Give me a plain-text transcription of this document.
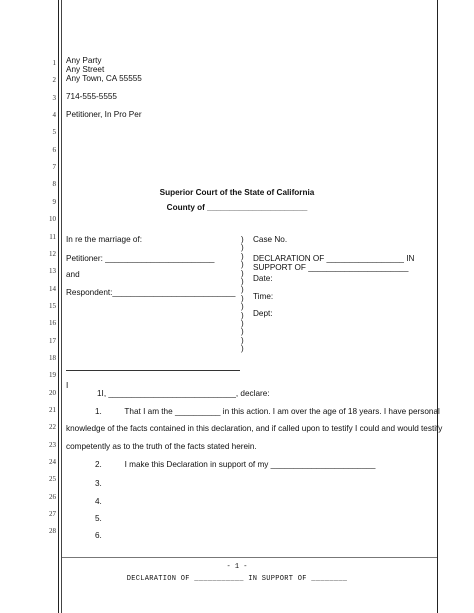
1
2
3
4
5
6
7
8
9
10
11
12
13
14
15
16
17
18
19
20
21
22
23
24
25
26
27
28
Any Party
Any Street
Any Town, CA 55555
714-555-5555
Petitioner, In Pro Per
Superior Court of the State of California
County of ______________________
In re the marriage of:
Petitioner: ________________________
and
Respondent:___________________________
)
)
)
)
)
)
)
)
)
)
)
)
)
)
Case No.
DECLARATION OF _________________ IN
SUPPORT OF ______________________
Date:
Time:
Dept:
I
1I, ____________________________, declare:
1.          That I am the __________ in this action. I am over the age of 18 years. I have personal
knowledge of the facts contained in this declaration, and if called upon to testify I could and would testify
competently as to the truth of the facts stated herein.
2.          I make this Declaration in support of my _______________________
3.
4.
5.
6.
- 1 -
DECLARATION OF ___________ IN SUPPORT OF ________
